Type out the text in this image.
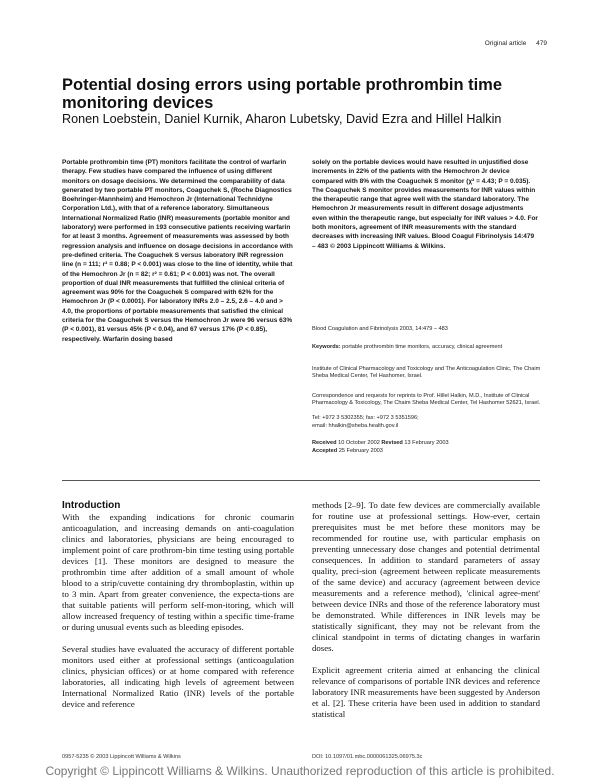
Original article 479
Potential dosing errors using portable prothrombin time monitoring devices
Ronen Loebstein, Daniel Kurnik, Aharon Lubetsky, David Ezra and Hillel Halkin
Portable prothrombin time (PT) monitors facilitate the control of warfarin therapy. Few studies have compared the influence of using different monitors on dosage decisions. We determined the comparability of data generated by two portable PT monitors, Coaguchek S, (Roche Diagnostics Boehringer-Mannheim) and Hemochron Jr (International Technidyne Corporation Ltd.), with that of a reference laboratory. Simultaneous International Normalized Ratio (INR) measurements (portable monitor and laboratory) were performed in 193 consecutive patients receiving warfarin for at least 3 months. Agreement of measurements was assessed by both regression analysis and influence on dosage decisions in accordance with pre-defined criteria. The Coaguchek S versus laboratory INR regression line (n = 111; r² = 0.88; P < 0.001) was close to the line of identity, while that of the Hemochron Jr (n = 82; r² = 0.61; P < 0.001) was not. The overall proportion of dual INR measurements that fulfilled the clinical criteria of agreement was 90% for the Coaguchek S compared with 62% for the Hemochron Jr (P < 0.0001). For laboratory INRs 2.0 – 2.5, 2.6 – 4.0 and > 4.0, the proportions of portable measurements that satisfied the clinical criteria for the Coaguchek S versus the Hemochron Jr were 96 versus 63% (P < 0.001), 81 versus 45% (P < 0.04), and 67 versus 17% (P < 0.85), respectively. Warfarin dosing based
solely on the portable devices would have resulted in unjustified dose increments in 22% of the patients with the Hemochron Jr device compared with 8% with the Coaguchek S monitor (χ² = 4.43; P = 0.035). The Coaguchek S monitor provides measurements for INR values within the therapeutic range that agree well with the standard laboratory. The Hemochron Jr measurements result in different dosage adjustments even within the therapeutic range, but especially for INR values > 4.0. For both monitors, agreement of INR measurements with the standard decreases with increasing INR values. Blood Coagul Fibrinolysis 14:479 – 483 © 2003 Lippincott Williams & Wilkins.
Blood Coagulation and Fibrinolysis 2003, 14:479 – 483
Keywords: portable prothrombin time monitors, accuracy, clinical agreement
Institute of Clinical Pharmacology and Toxicology and The Anticoagulation Clinic, The Chaim Sheba Medical Center, Tel Hashomer, Israel.
Correspondence and requests for reprints to Prof. Hillel Halkin, M.D., Institute of Clinical Pharmacology & Toxicology, The Chaim Sheba Medical Center, Tel Hashomer 52621, Israel.
Tel: +972 3 5302355; fax: +972 3 5351596;
email: hhalkin@sheba.health.gov.il
Received 10 October 2002 Revised 13 February 2003
Accepted 25 February 2003
Introduction

With the expanding indications for chronic coumarin anticoagulation, and increasing demands on anti-coagulation clinics and laboratories, physicians are being encouraged to implement point of care prothrom-bin time testing using portable devices [1]. These monitors are designed to measure the prothrombin time after addition of a small amount of whole blood to a strip/cuvette containing dry thromboplastin, within up to 3 min. Apart from greater convenience, the expecta-tions are that suitable patients will perform self-mon-itoring, which will allow increased frequency of testing within a specific time-frame or during unusual events such as bleeding episodes.

Several studies have evaluated the accuracy of different portable monitors used either at professional settings (anticoagulation clinics, physician offices) or at home compared with reference laboratories, all indicating high levels of agreement between International Normalized Ratio (INR) levels of the portable device and reference

methods [2–9]. To date few devices are commercially available for routine use at professional settings. How-ever, certain prerequisites must be met before these monitors may be recommended for routine use, with particular emphasis on preventing unnecessary dose changes and potential detrimental consequences. In addition to standard parameters of assay quality, preci-sion (agreement between replicate measurements of the same device) and accuracy (agreement between device measurements and a reference method), 'clinical agree-ment' between device INRs and those of the reference laboratory must be demonstrated. While differences in INR levels may be statistically significant, they may not be relevant from the clinical standpoint in terms of dictating changes in warfarin doses.

Explicit agreement criteria aimed at enhancing the clinical relevance of comparisons of portable INR devices and reference laboratory INR measurements have been suggested by Anderson et al. [2]. These criteria have been used in addition to standard statistical

0957-5235 © 2003 Lippincott Williams & Wilkins	DOI: 10.1097/01.mbc.0000061325.06975.3c
Copyright © Lippincott Williams & Wilkins. Unauthorized reproduction of this article is prohibited.
